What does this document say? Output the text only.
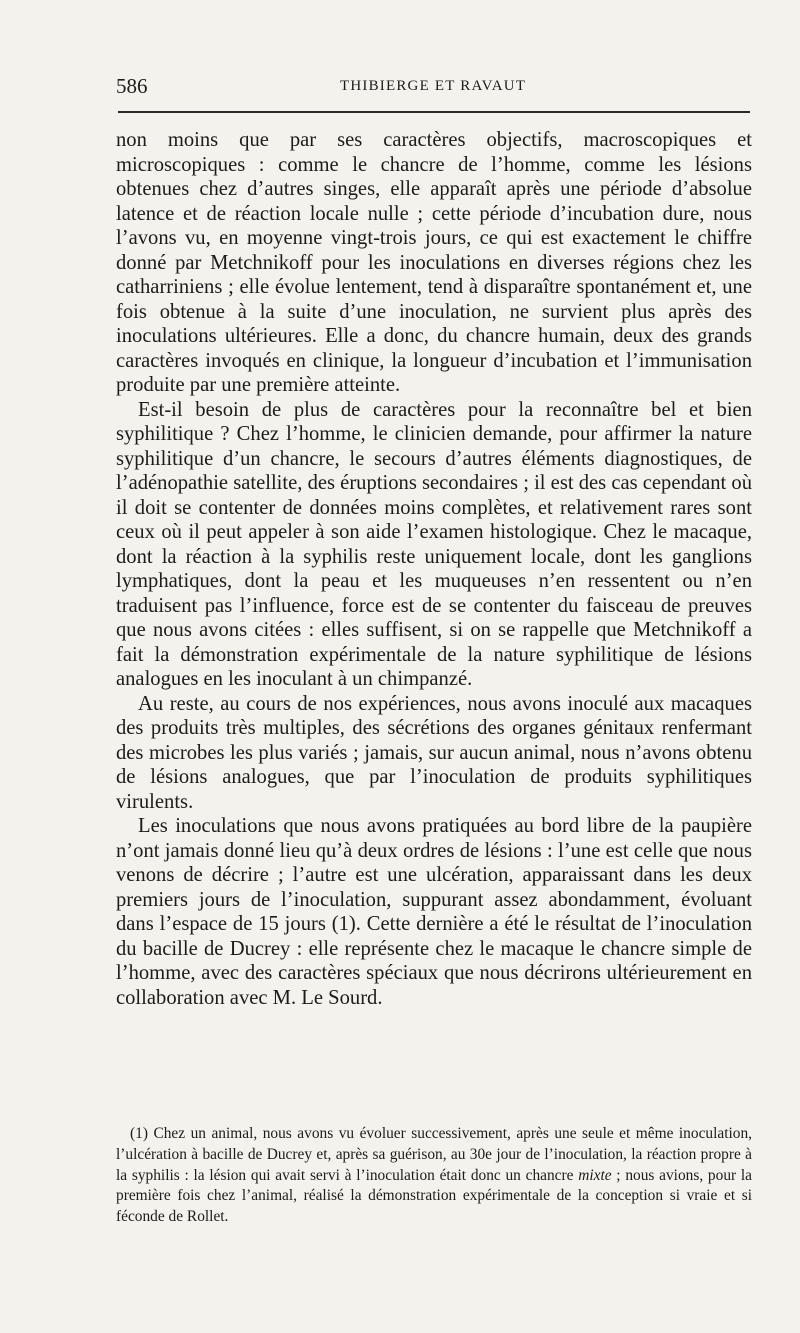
586	THIBIERGE ET RAVAUT

non moins que par ses caractères objectifs, macroscopiques et microscopiques : comme le chancre de l’homme, comme les lésions obtenues chez d’autres singes, elle apparaît après une période d’absolue latence et de réaction locale nulle ; cette période d’incubation dure, nous l’avons vu, en moyenne vingt-trois jours, ce qui est exactement le chiffre donné par Metchnikoff pour les inoculations en diverses régions chez les catharriniens ; elle évolue lentement, tend à disparaître spontanément et, une fois obtenue à la suite d’une inoculation, ne survient plus après des inoculations ultérieures. Elle a donc, du chancre humain, deux des grands caractères invoqués en clinique, la longueur d’incubation et l’immunisation produite par une première atteinte.

Est-il besoin de plus de caractères pour la reconnaître bel et bien syphilitique ? Chez l’homme, le clinicien demande, pour affirmer la nature syphilitique d’un chancre, le secours d’autres éléments diagnostiques, de l’adénopathie satellite, des éruptions secondaires ; il est des cas cependant où il doit se contenter de données moins complètes, et relativement rares sont ceux où il peut appeler à son aide l’examen histologique. Chez le macaque, dont la réaction à la syphilis reste uniquement locale, dont les ganglions lymphatiques, dont la peau et les muqueuses n’en ressentent ou n’en traduisent pas l’influence, force est de se contenter du faisceau de preuves que nous avons citées : elles suffisent, si on se rappelle que Metchnikoff a fait la démonstration expérimentale de la nature syphilitique de lésions analogues en les inoculant à un chimpanzé.

Au reste, au cours de nos expériences, nous avons inoculé aux macaques des produits très multiples, des sécrétions des organes génitaux renfermant des microbes les plus variés ; jamais, sur aucun animal, nous n’avons obtenu de lésions analogues, que par l’inoculation de produits syphilitiques virulents.

Les inoculations que nous avons pratiquées au bord libre de la paupière n’ont jamais donné lieu qu’à deux ordres de lésions : l’une est celle que nous venons de décrire ; l’autre est une ulcération, apparaissant dans les deux premiers jours de l’inoculation, suppurant assez abondamment, évoluant dans l’espace de 15 jours (1). Cette dernière a été le résultat de l’inoculation du bacille de Ducrey : elle représente chez le macaque le chancre simple de l’homme, avec des caractères spéciaux que nous décrirons ultérieurement en collaboration avec M. Le Sourd.

(1) Chez un animal, nous avons vu évoluer successivement, après une seule et même inoculation, l’ulcération à bacille de Ducrey et, après sa guérison, au 30e jour de l’inoculation, la réaction propre à la syphilis : la lésion qui avait servi à l’inoculation était donc un chancre mixte ; nous avions, pour la première fois chez l’animal, réalisé la démonstration expérimentale de la conception si vraie et si féconde de Rollet.
